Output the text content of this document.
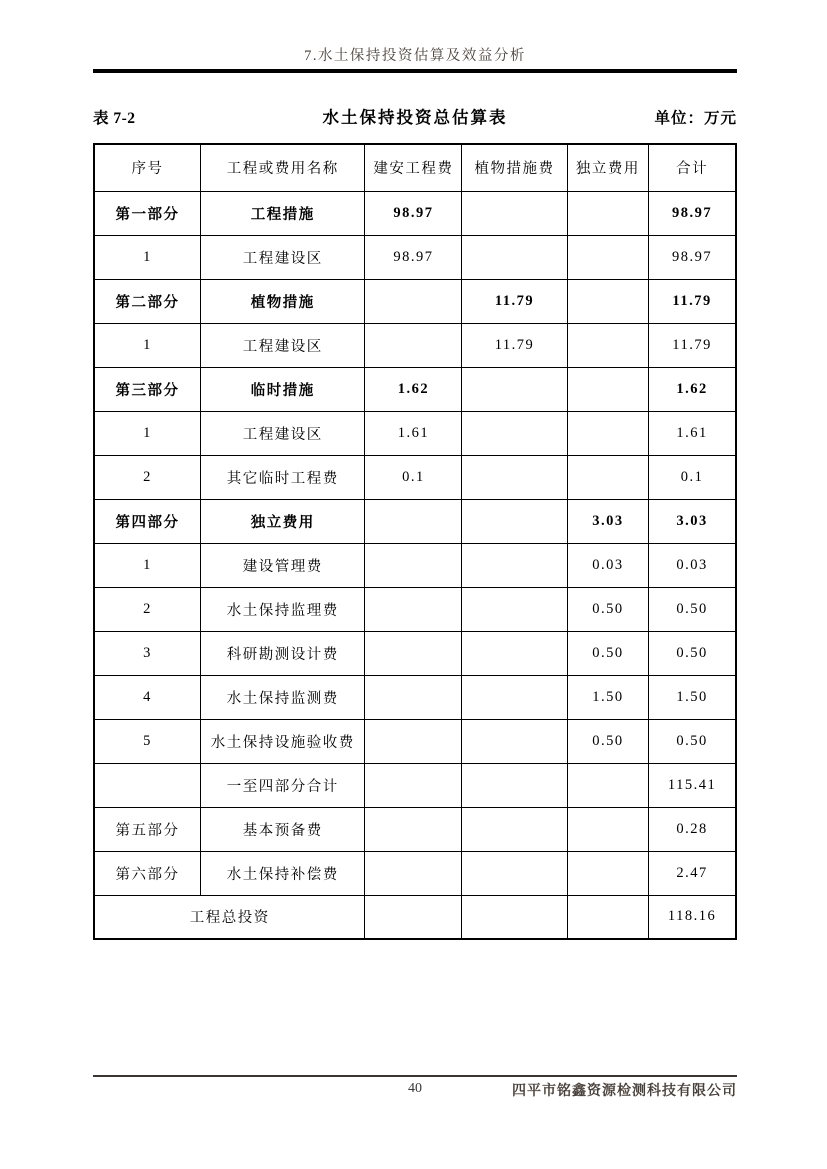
7.水土保持投资估算及效益分析
表 7-2	水土保持投资总估算表	单位：万元
序号	工程或费用名称	建安工程费	植物措施费	独立费用	合计
第一部分	工程措施	98.97			98.97
1	工程建设区	98.97			98.97
第二部分	植物措施		11.79		11.79
1	工程建设区		11.79		11.79
第三部分	临时措施	1.62			1.62
1	工程建设区	1.61			1.61
2	其它临时工程费	0.1			0.1
第四部分	独立费用			3.03	3.03
1	建设管理费			0.03	0.03
2	水土保持监理费			0.50	0.50
3	科研勘测设计费			0.50	0.50
4	水土保持监测费			1.50	1.50
5	水土保持设施验收费			0.50	0.50
	一至四部分合计				115.41
第五部分	基本预备费				0.28
第六部分	水土保持补偿费				2.47
工程总投资					118.16
40	四平市铭鑫资源检测科技有限公司
